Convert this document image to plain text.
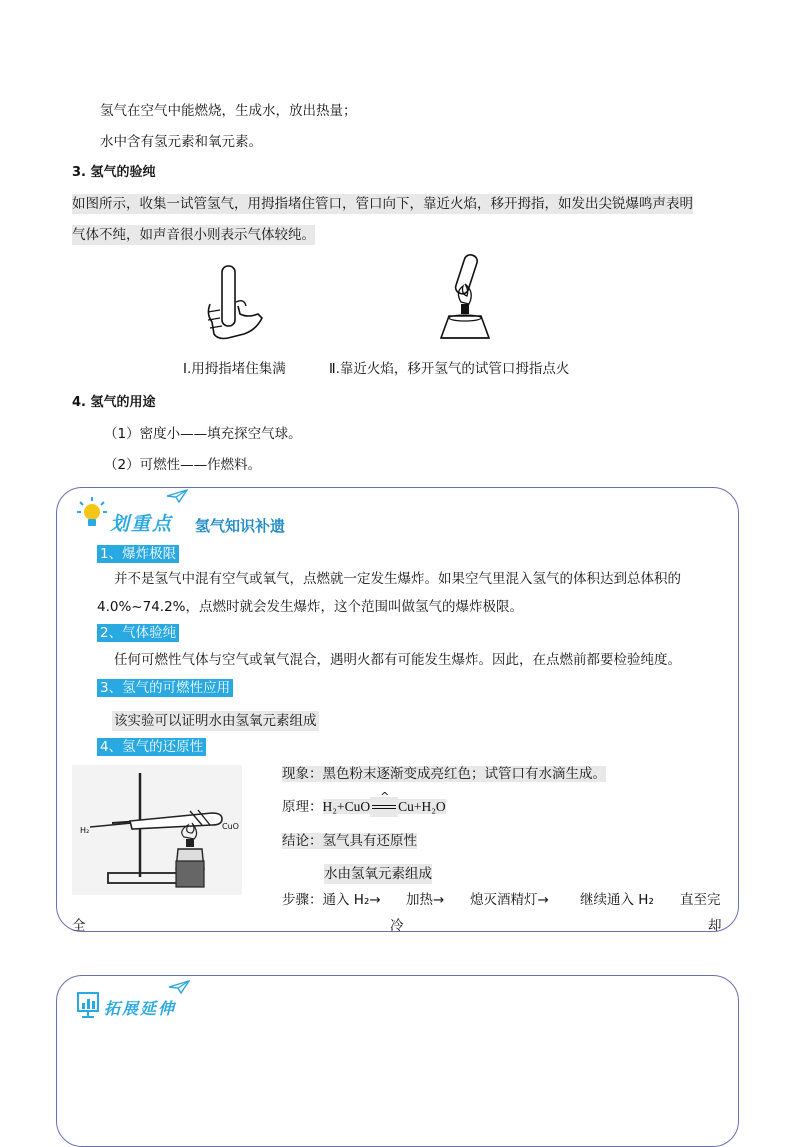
氢气在空气中能燃烧，生成水，放出热量；
水中含有氢元素和氧元素。
3. 氢气的验纯
如图所示，收集一试管氢气，用拇指堵住管口，管口向下，靠近火焰，移开拇指，如发出尖锐爆鸣声表明
气体不纯，如声音很小则表示气体较纯。
Ⅰ.用拇指堵住集满	Ⅱ.靠近火焰，移开氢气的试管口拇指点火
4. 氢气的用途
（1）密度小——填充探空气球。
（2）可燃性——作燃料。
划重点 氢气知识补遗
1、爆炸极限
并不是氢气中混有空气或氧气，点燃就一定发生爆炸。如果空气里混入氢气的体积达到总体积的
4.0%~74.2%，点燃时就会发生爆炸，这个范围叫做氢气的爆炸极限。
2、气体验纯
任何可燃性气体与空气或氧气混合，遇明火都有可能发生爆炸。因此，在点燃前都要检验纯度。
3、氢气的可燃性应用
该实验可以证明水由氢氧元素组成
4、氢气的还原性
H₂	CuO
现象：黑色粉末逐渐变成亮红色；试管口有水滴生成。
原理：H₂+CuO
^
Cu+H₂O
结论：氢气具有还原性
水由氢氧元素组成
步骤：通入 H₂→ 加热→ 熄灭酒精灯→ 继续通入 H₂ 直至完
全	冷	却
拓展延伸
